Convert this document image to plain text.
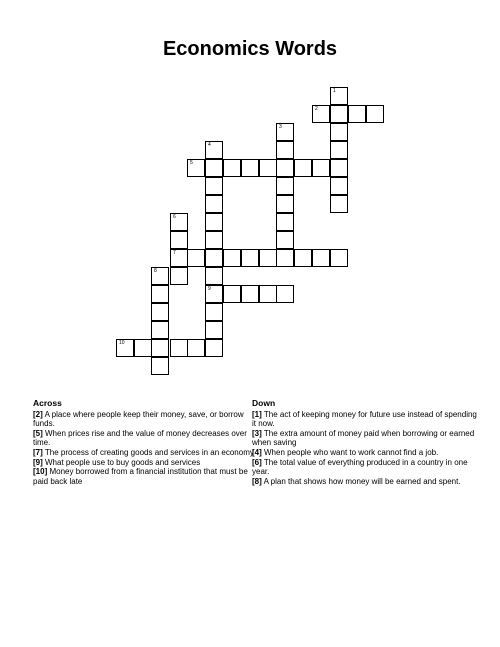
Economics Words
1
2
3
4
9
5
6
7
8
10
Across

[2] A place where people keep their money, save, or borrow funds.

[5] When prices rise and the value of money decreases over time.

[7] The process of creating goods and services in an economy

[9] What people use to buy goods and services

[10] Money borrowed from a financial institution that must be paid back late

Down

[1] The act of keeping money for future use instead of spending it now.

[3] The extra amount of money paid when borrowing or earned when saving

[4] When people who want to work cannot find a job.

[6] The total value of everything produced in a country in one year.

[8] A plan that shows how money will be earned and spent.
